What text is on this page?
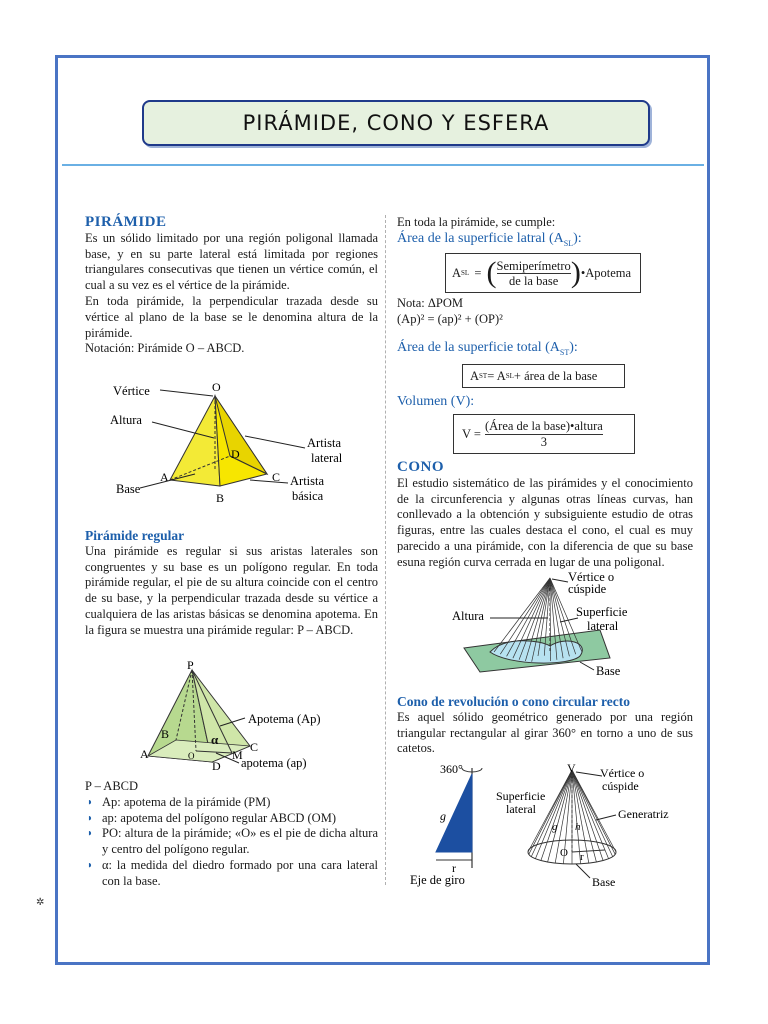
PIRÁMIDE, CONO Y ESFERA
PIRÁMIDE

Es un sólido limitado por una región poligonal llamada base, y en su parte lateral está limitada por regiones triangulares consecutivas que tienen un vértice común, el cual a su vez es el vértice de la pirámide.

En toda pirámide, la perpendicular trazada desde su vértice al plano de la base se le denomina altura de la pirámide.

Notación: Pirámide O – ABCD.

O
Vértice
Altura
Base
A
B
C
D
Artista
lateral
Artista
básica
Pirámide regular

Una pirámide es regular si sus aristas laterales son congruentes y su base es un polígono regular. En toda pirámide regular, el pie de su altura coincide con el centro de su base, y la perpendicular trazada desde su vértice a cualquiera de las aristas básicas se denomina apotema. En la figura se muestra una pirámide regular: P – ABCD.

P
A
B
C
D
M
O
α
Apotema (Ap)
apotema (ap)
P – ABCD
◗ Ap: apotema de la pirámide (PM)
◗ ap: apotema del polígono regular ABCD (OM)
◗ PO: altura de la pirámide; «O» es el pie de dicha altura y centro del polígono regular.
◗ α: la medida del diedro formado por una cara lateral con la base.

En toda la pirámide, se cumple:

Área de la superficie latral $(A_{SL})$:
A SL = ( Semiperímetro
de la base ) •Apotema

Nota: ΔPOM

(Ap)² = (ap)² + (OP)²

Área de la superficie total $(A_{ST})$:
A ST = A SL + área de la base
Volumen (V):
V =
(Área de la base)•altura
3
CONO

El estudio sistemático de las pirámides y el conocimiento de la circunferencia y algunas otras líneas curvas, han conllevado a la obtención y subsiguiente estudio de otras figuras, entre las cuales destaca el cono, el cual es muy parecido a una pirámide, con la diferencia de que su base esuna región curva cerrada en lugar de una poligonal.

Vértice o
cúspide
Altura	Superficie
lateral
Base
Cono de revolución o cono circular recto

Es aquel sólido geométrico generado por una región triangular rectangular al girar 360° en torno a uno de sus catetos.

360°
g
r
Eje de giro
V Vértice o
cúspide
Superficie
lateral	Generatriz
g h
O r
Base
✲
